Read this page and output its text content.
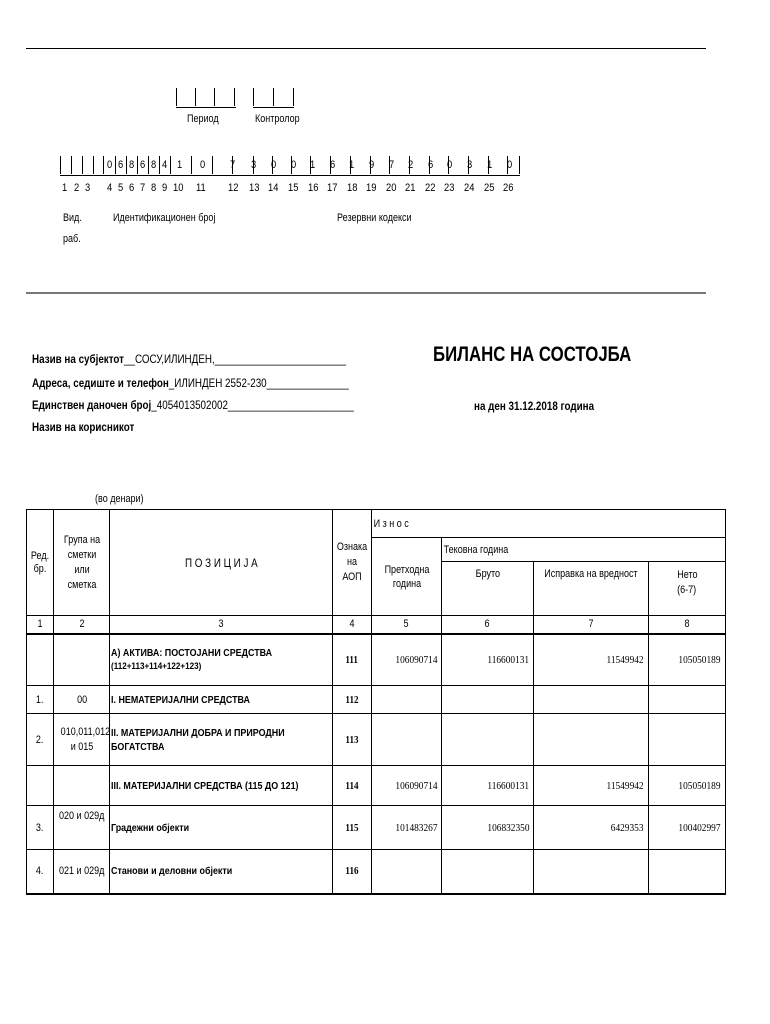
Период	Контролор
0 6 8 6 8 4 1 0 7 3 0 0 1 6 1 9 7 2 6 0 3 1 0
1 2 3 4 5 6 7 8 9 10 11 12 13 14 15 16 17 18 19 20 21 22 23 24 25 26
Вид.
раб.
Идентификационен број	Резервни кодекси
Назив на субјектот__СОСУ,ИЛИНДЕН,________________________
Адреса, седиште и телефон_ИЛИНДЕН 2552-230_______________
Единствен даночен број_4054013502002_______________________
Назив на корисникот
БИЛАНС НА СОСТОЈБА
на ден 31.12.2018 година
(во денари)
Ред. бр.	Група на сметки или сметка	П О З И Ц И Ј А	Ознака на АОП	И з н о с			
				Претходна година	Тековна година		
					Бруто	Исправка на вредност	Нето
(6-7)
1	2	3	4	5	6	7	8
		А) АКТИВА: ПОСТОЈАНИ СРЕДСТВА
(112+113+114+122+123)	111	106090714	116600131	11549942	105050189
1.	00	I. НЕМАТЕРИЈАЛНИ СРЕДСТВА	112				
2.	010,011,012 и 015	II. МАТЕРИЈАЛНИ ДОБРА И ПРИРОДНИ
БОГАТСТВА	113				
		III. МАТЕРИЈАЛНИ СРЕДСТВА (115 ДО 121)	114	106090714	116600131	11549942	105050189
3.	020 и 029д	Градежни објекти	115	101483267	106832350	6429353	100402997
4.	021 и 029д	Станови и деловни објекти	116				
